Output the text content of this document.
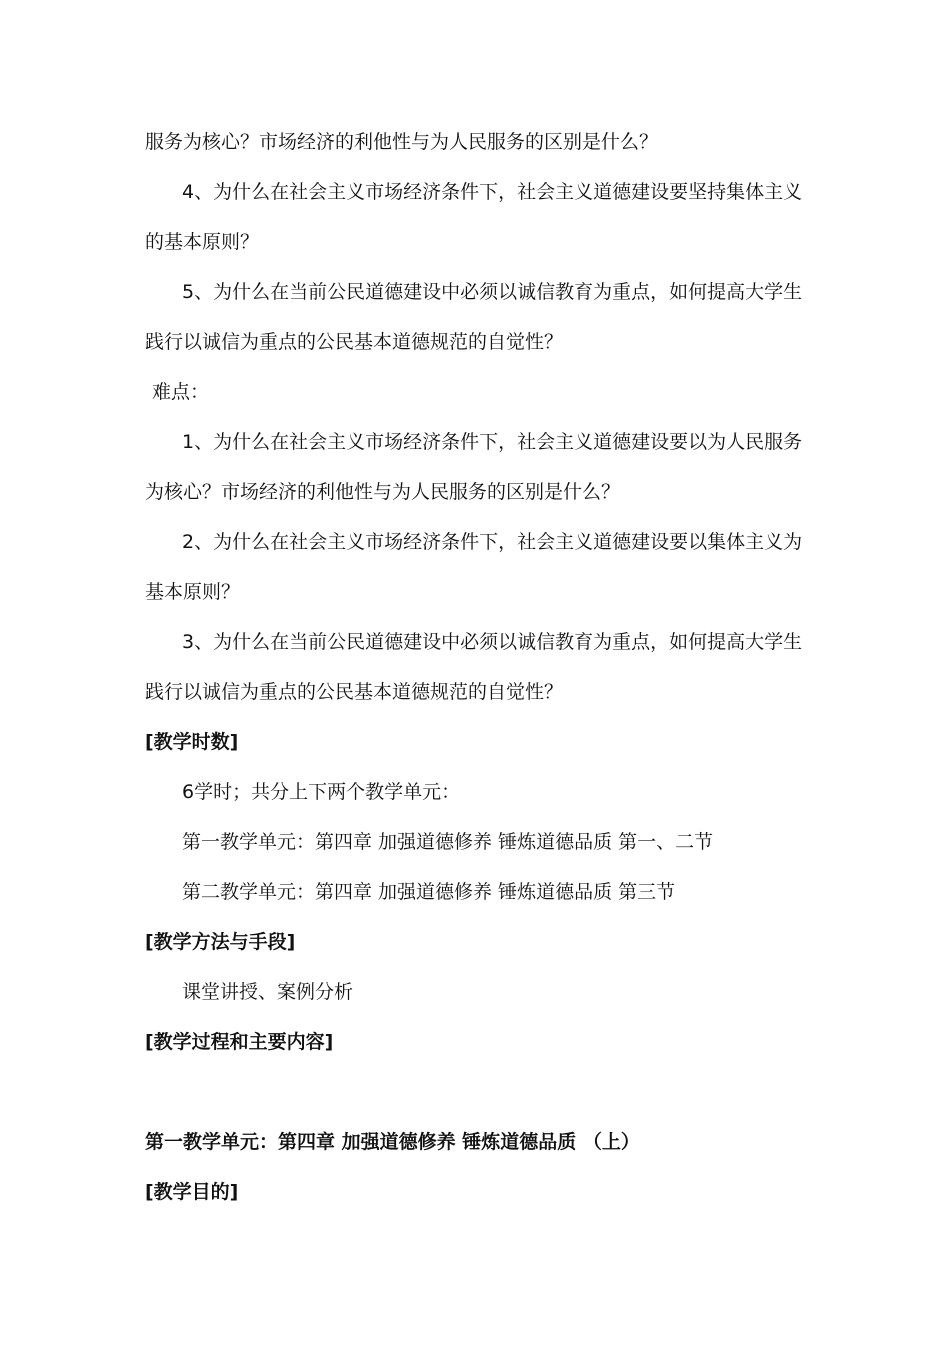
服务为核心？市场经济的利他性与为人民服务的区别是什么？
4、为什么在社会主义市场经济条件下，社会主义道德建设要坚持集体主义
的基本原则？
5、为什么在当前公民道德建设中必须以诚信教育为重点，如何提高大学生
践行以诚信为重点的公民基本道德规范的自觉性？
难点：
1、为什么在社会主义市场经济条件下，社会主义道德建设要以为人民服务
为核心？市场经济的利他性与为人民服务的区别是什么？
2、为什么在社会主义市场经济条件下，社会主义道德建设要以集体主义为
基本原则？
3、为什么在当前公民道德建设中必须以诚信教育为重点，如何提高大学生
践行以诚信为重点的公民基本道德规范的自觉性？
[教学时数]
6学时；共分上下两个教学单元：
第一教学单元：第四章 加强道德修养 锤炼道德品质 第一、二节
第二教学单元：第四章 加强道德修养 锤炼道德品质 第三节
[教学方法与手段]
课堂讲授、案例分析
[教学过程和主要内容]
第一教学单元：第四章 加强道德修养 锤炼道德品质 （上）
[教学目的]
